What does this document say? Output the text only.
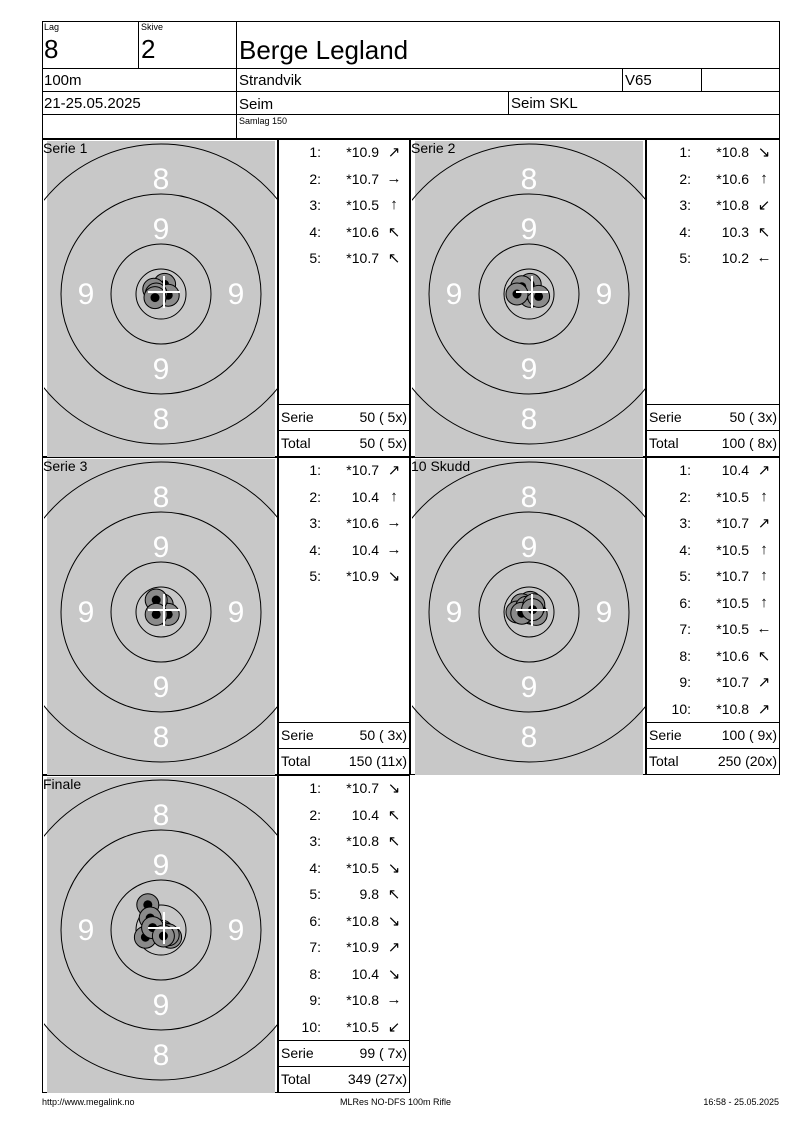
Lag
8
Skive
2	Berge Legland
100m	Strandvik	V65
21-25.05.2025	Seim	Seim SKL
Samlag 150
Serie 1
8
9
9	9
9
8
1:	*10.9 ↗
2:	*10.7 →
3:	*10.5 ↑
4:	*10.6 ↖
5:	*10.7 ↖
Serie	50 ( 5x)
Total	50 ( 5x)
Serie 2
8
9
9	9
9
8
1:	*10.8 ↘
2:	*10.6 ↑
3:	*10.8 ↙
4:	10.3 ↖
5:	10.2 ←
Serie	50 ( 3x)
Total	100 ( 8x)
Serie 3
8
9
9	9
9
8
1:	*10.7 ↗
2:	10.4 ↑
3:	*10.6 →
4:	10.4 →
5:	*10.9 ↘
Serie	50 ( 3x)
Total	150 (11x)
10 Skudd
8
9
9	9
9
8
1:	10.4 ↗
2:	*10.5 ↑
3:	*10.7 ↗
4:	*10.5 ↑
5:	*10.7 ↑
6:	*10.5 ↑
7:	*10.5 ←
8:	*10.6 ↖
9:	*10.7 ↗
10:	*10.8 ↗
Serie	100 ( 9x)
Total	250 (20x)
Finale
8
9
9	9
9
8
1:	*10.7 ↘
2:	10.4 ↖
3:	*10.8 ↖
4:	*10.5 ↘
5:	9.8 ↖
6:	*10.8 ↘
7:	*10.9 ↗
8:	10.4 ↘
9:	*10.8 →
10:	*10.5 ↙
Serie	99 ( 7x)
Total	349 (27x)
http://www.megalink.no	MLRes NO-DFS 100m Rifle	16:58 - 25.05.2025
